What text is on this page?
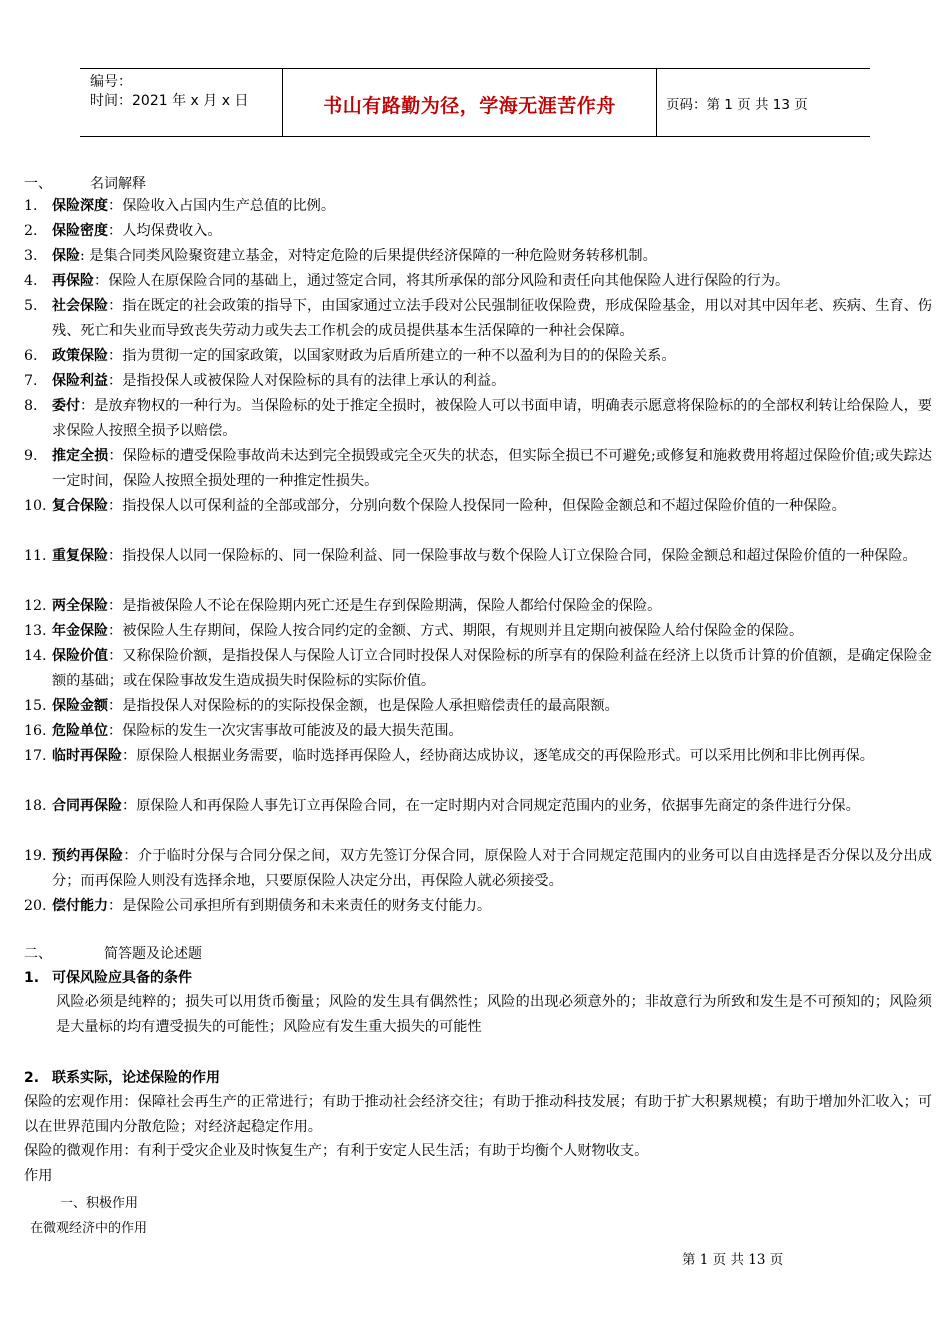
编号：
时间：2021 年 x 月 x 日	书山有路勤为径，学海无涯苦作舟	页码：第 1 页 共 13 页
一、	名词解释
1.	保险深度：保险收入占国内生产总值的比例。
2.	保险密度：人均保费收入。
3.	保险: 是集合同类风险聚资建立基金，对特定危险的后果提供经济保障的一种危险财务转移机制。
4.	再保险：保险人在原保险合同的基础上，通过签定合同，将其所承保的部分风险和责任向其他保险人进行保险的行为。
5.	社会保险：指在既定的社会政策的指导下，由国家通过立法手段对公民强制征收保险费，形成保险基金，用以对其中因年老、疾病、生育、伤残、死亡和失业而导致丧失劳动力或失去工作机会的成员提供基本生活保障的一种社会保障。
6.	政策保险：指为贯彻一定的国家政策，以国家财政为后盾所建立的一种不以盈利为目的的保险关系。
7.	保险利益：是指投保人或被保险人对保险标的具有的法律上承认的利益。
8.	委付：是放弃物权的一种行为。当保险标的处于推定全损时，被保险人可以书面申请，明确表示愿意将保险标的的全部权利转让给保险人，要求保险人按照全损予以赔偿。
9.	推定全损：保险标的遭受保险事故尚未达到完全损毁或完全灭失的状态，但实际全损已不可避免;或修复和施救费用将超过保险价值;或失踪达一定时间，保险人按照全损处理的一种推定性损失。
10. 复合保险：指投保人以可保利益的全部或部分，分别向数个保险人投保同一险种，但保险金额总和不超过保险价值的一种保险。
11. 重复保险：指投保人以同一保险标的、同一保险利益、同一保险事故与数个保险人订立保险合同，保险金额总和超过保险价值的一种保险。
12. 两全保险：是指被保险人不论在保险期内死亡还是生存到保险期满，保险人都给付保险金的保险。
13. 年金保险：被保险人生存期间，保险人按合同约定的金额、方式、期限，有规则并且定期向被保险人给付保险金的保险。
14. 保险价值：又称保险价额，是指投保人与保险人订立合同时投保人对保险标的所享有的保险利益在经济上以货币计算的价值额，是确定保险金额的基础；或在保险事故发生造成损失时保险标的实际价值。
15. 保险金额：是指投保人对保险标的的实际投保金额，也是保险人承担赔偿责任的最高限额。
16. 危险单位：保险标的发生一次灾害事故可能波及的最大损失范围。
17. 临时再保险：原保险人根据业务需要，临时选择再保险人，经协商达成协议，逐笔成交的再保险形式。可以采用比例和非比例再保。
18. 合同再保险：原保险人和再保险人事先订立再保险合同，在一定时期内对合同规定范围内的业务，依据事先商定的条件进行分保。
19. 预约再保险：介于临时分保与合同分保之间，双方先签订分保合同，原保险人对于合同规定范围内的业务可以自由选择是否分保以及分出成分；而再保险人则没有选择余地，只要原保险人决定分出，再保险人就必须接受。
20. 偿付能力：是保险公司承担所有到期债务和未来责任的财务支付能力。
二、	简答题及论述题
1. 可保风险应具备的条件
风险必须是纯粹的；损失可以用货币衡量；风险的发生具有偶然性；风险的出现必须意外的；非故意行为所致和发生是不可预知的；风险须是大量标的均有遭受损失的可能性；风险应有发生重大损失的可能性
2. 联系实际，论述保险的作用
保险的宏观作用：保障社会再生产的正常进行；有助于推动社会经济交往；有助于推动科技发展；有助于扩大积累规模；有助于增加外汇收入；可以在世界范围内分散危险；对经济起稳定作用。
保险的微观作用：有利于受灾企业及时恢复生产；有利于安定人民生活；有助于均衡个人财物收支。
作用
一、积极作用
在微观经济中的作用
第 1 页 共 13 页
